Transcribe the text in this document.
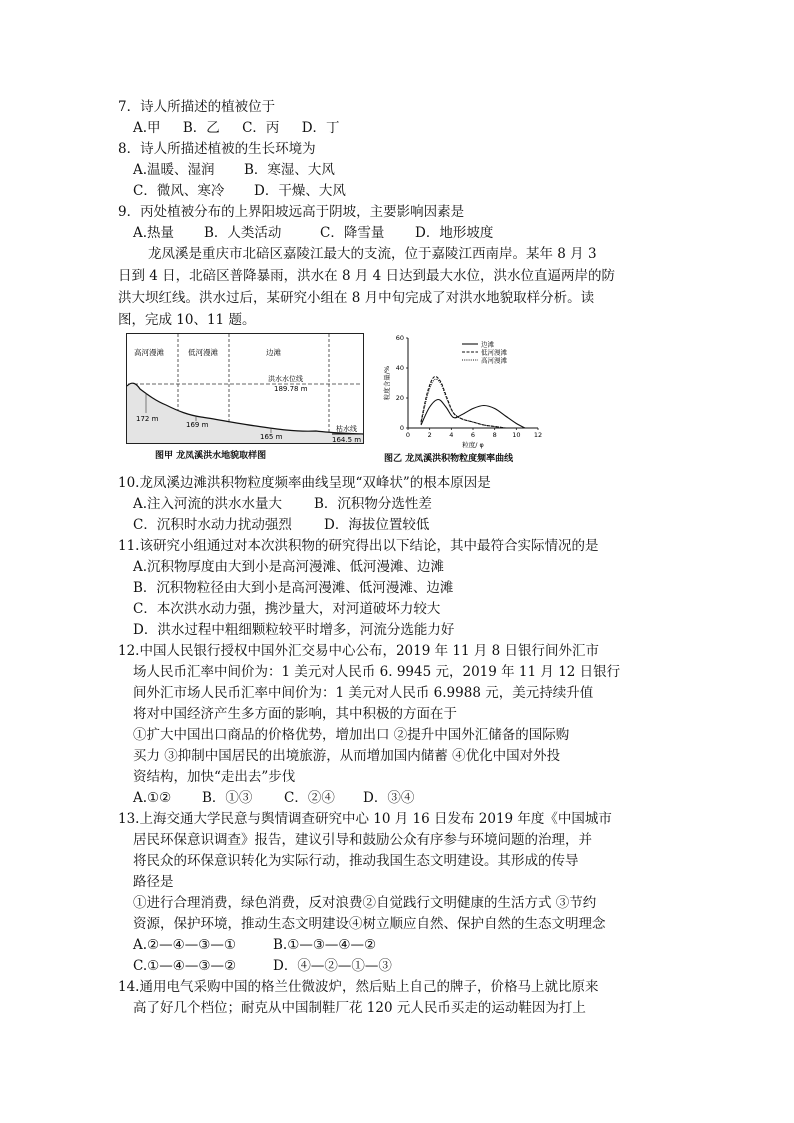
7．诗人所描述的植被位于
A.甲 B．乙 C．丙 D．丁
8．诗人所描述植被的生长环境为
A.温暖、湿润 B．寒湿、大风
C．微风、寒冷 D．干燥、大风
9．丙处植被分布的上界阳坡远高于阴坡，主要影响因素是
A.热量 B．人类活动	C．降雪量 D．地形坡度
龙凤溪是重庆市北碚区嘉陵江最大的支流，位于嘉陵江西南岸。某年 8 月 3
日到 4 日，北碚区普降暴雨，洪水在 8 月 4 日达到最大水位，洪水位直逼两岸的防
洪大坝红线。洪水过后，某研究小组在 8 月中旬完成了对洪水地貌取样分析。读
图，完成 10、11 题。
高河漫滩	低河漫滩	边滩
洪水水位线
189.78 m
172 m
169 m
165 m
枯水线
164.5 m
图甲 龙凤溪洪水地貌取样图
0	2	4	6	8 10 12
0
20
40
60
粒度含量/%
粒度/ φ
边滩
低河漫滩
高河漫滩
图乙 龙凤溪洪积物粒度频率曲线
10.龙凤溪边滩洪积物粒度频率曲线呈现“双峰状”的根本原因是
A.注入河流的洪水水量大 B．沉积物分选性差
C．沉积时水动力扰动强烈 D．海拔位置较低
11.该研究小组通过对本次洪积物的研究得出以下结论，其中最符合实际情况的是
A.沉积物厚度由大到小是高河漫滩、低河漫滩、边滩
B．沉积物粒径由大到小是高河漫滩、低河漫滩、边滩
C．本次洪水动力强，携沙量大，对河道破坏力较大
D．洪水过程中粗细颗粒较平时增多，河流分选能力好
12.中国人民银行授权中国外汇交易中心公布，2019 年 11 月 8 日银行间外汇市
场人民币汇率中间价为：1 美元对人民币 6. 9945 元，2019 年 11 月 12 日银行
间外汇市场人民币汇率中间价为：1 美元对人民币 6.9988 元，美元持续升值
将对中国经济产生多方面的影响，其中积极的方面在于
①扩大中国出口商品的价格优势，增加出口 ②提升中国外汇储备的国际购
买力 ③抑制中国居民的出境旅游，从而增加国内储蓄 ④优化中国对外投
资结构，加快“走出去”步伐
A.①② B．①③ C．②④ D．③④
13.上海交通大学民意与舆情调查研究中心 10 月 16 日发布 2019 年度《中国城市
居民环保意识调查》报告，建议引导和鼓励公众有序参与环境问题的治理，并
将民众的环保意识转化为实际行动，推动我国生态文明建设。其形成的传导
路径是
①进行合理消费，绿色消费，反对浪费②自觉践行文明健康的生活方式 ③节约
资源，保护环境，推动生态文明建设④树立顺应自然、保护自然的生态文明理念
A.②—④—③—①	B.①—③—④—②
C.①—④—③—②	D．④—②—①—③
14.通用电气采购中国的格兰仕微波炉，然后贴上自己的牌子，价格马上就比原来
高了好几个档位；耐克从中国制鞋厂花 120 元人民币买走的运动鞋因为打上
